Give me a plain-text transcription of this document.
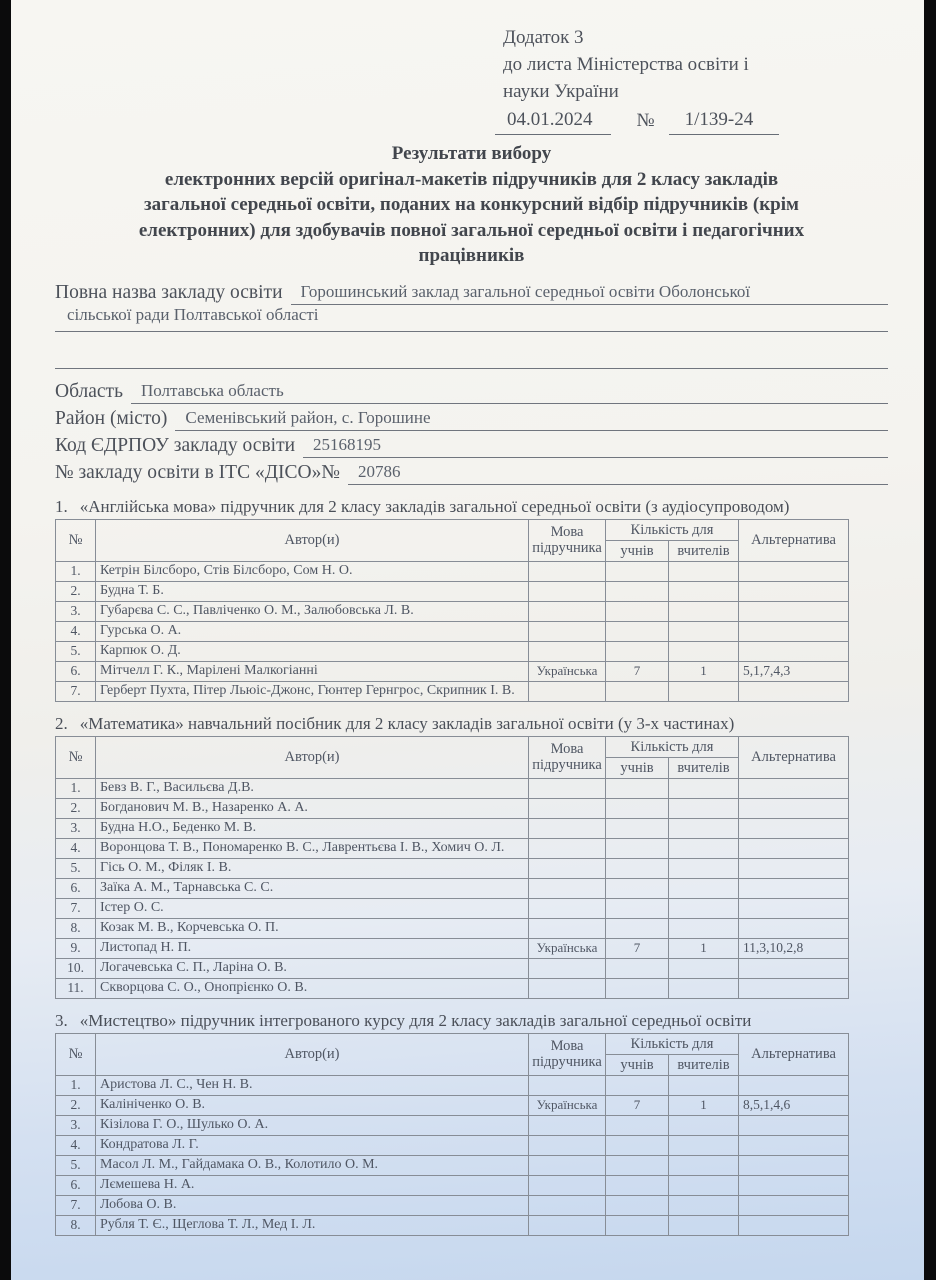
Додаток 3
до листа Міністерства освіти і
науки України
04.01.2024	№	1/139-24
Результати вибору
електронних версій оригінал-макетів підручників для 2 класу закладів
загальної середньої освіти, поданих на конкурсний відбір підручників (крім
електронних) для здобувачів повної загальної середньої освіти і педагогічних
працівників
Повна назва закладу освіти	Горошинський заклад загальної середньої освіти Оболонської
сільської ради Полтавської області
Область	Полтавська область
Район (місто)	Семенівський район, с. Горошине
Код ЄДРПОУ закладу освіти	25168195
№ закладу освіти в ІТС «ДІСО»№	20786
1. «Англійська мова» підручник для 2 класу закладів загальної середньої освіти (з аудіосупроводом)
№	Автор(и)	Мова підручника	Кількість для		Альтернатива
			учнів	вчителів	
1.	Кетрін Білсборо, Стів Білсборо, Сом Н. О.				
2.	Будна Т. Б.				
3.	Губарєва С. С., Павліченко О. М., Залюбовська Л. В.				
4.	Гурська О. А.				
5.	Карпюк О. Д.				
6.	Мітчелл Г. К., Марілені Малкогіанні	Українська	7	1	5,1,7,4,3
7.	Герберт Пухта, Пітер Льюіс-Джонс, Гюнтер Гернгрос, Скрипник І. В.				
2. «Математика» навчальний посібник для 2 класу закладів загальної освіти (у 3-х частинах)
№	Автор(и)	Мова підручника	Кількість для		Альтернатива
			учнів	вчителів	
1.	Бевз В. Г., Васильєва Д.В.				
2.	Богданович М. В., Назаренко А. А.				
3.	Будна Н.О., Беденко М. В.				
4.	Воронцова Т. В., Пономаренко В. С., Лаврентьєва І. В., Хомич О. Л.				
5.	Гісь О. М., Філяк І. В.				
6.	Заїка А. М., Тарнавська С. С.				
7.	Істер О. С.				
8.	Козак М. В., Корчевська О. П.				
9.	Листопад Н. П.	Українська	7	1	11,3,10,2,8
10.	Логачевська С. П., Ларіна О. В.				
11.	Скворцова С. О., Онопрієнко О. В.				
3. «Мистецтво» підручник інтегрованого курсу для 2 класу закладів загальної середньої освіти
№	Автор(и)	Мова підручника	Кількість для		Альтернатива
			учнів	вчителів	
1.	Аристова Л. С., Чен Н. В.				
2.	Калініченко О. В.	Українська	7	1	8,5,1,4,6
3.	Кізілова Г. О., Шулько О. А.				
4.	Кондратова Л. Г.				
5.	Масол Л. М., Гайдамака О. В., Колотило О. М.				
6.	Лємешева Н. А.				
7.	Лобова О. В.				
8.	Рубля Т. Є., Щеглова Т. Л., Мед І. Л.				
